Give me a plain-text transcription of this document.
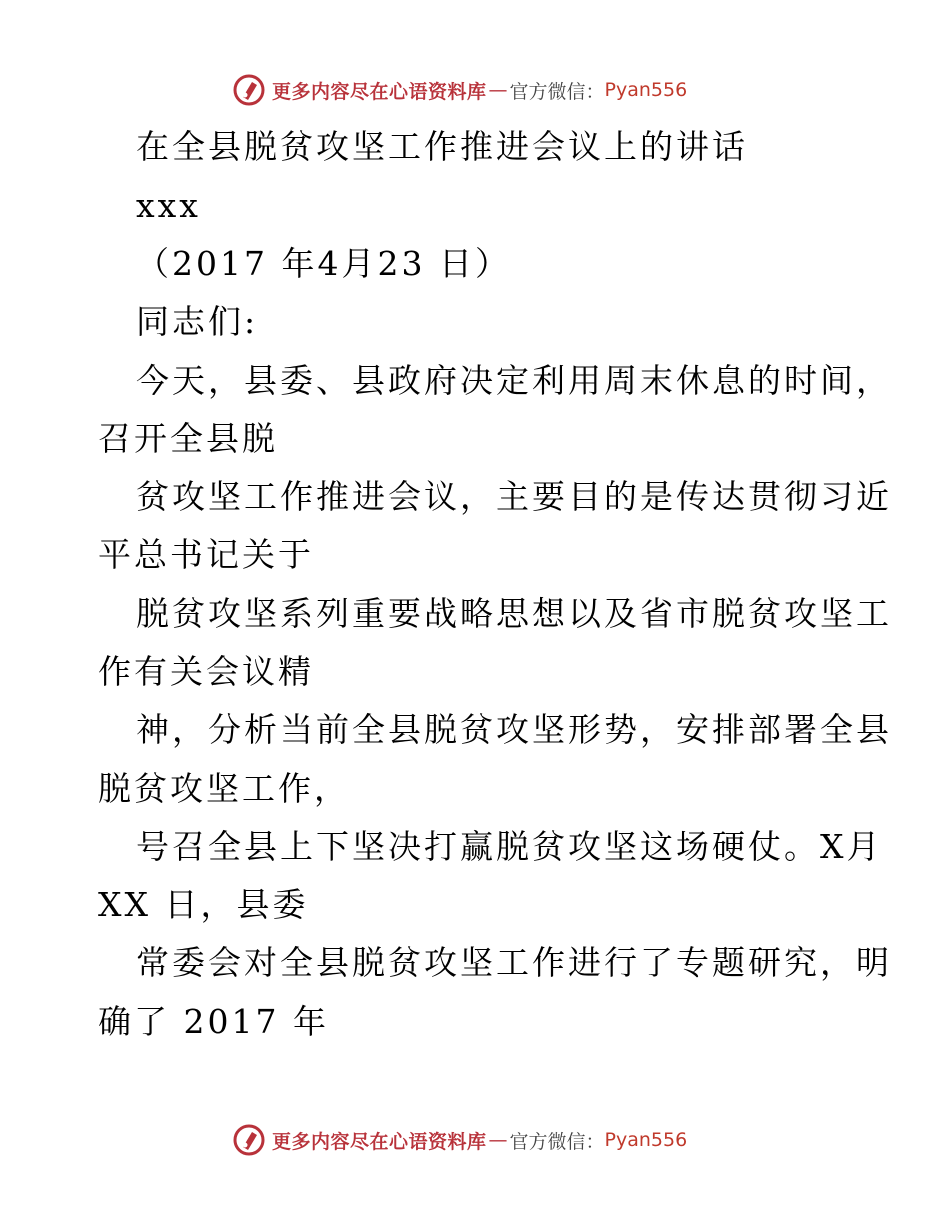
更多内容尽在心语资料库 — 官方微信： Pyan556
在全县脱贫攻坚工作推进会议上的讲话
xxx
（2017 年4月23 日）
同志们:
今天，县委、县政府决定利用周末休息的时间，
召开全县脱
贫攻坚工作推进会议，主要目的是传达贯彻习近
平总书记关于
脱贫攻坚系列重要战略思想以及省市脱贫攻坚工
作有关会议精
神，分析当前全县脱贫攻坚形势，安排部署全县
脱贫攻坚工作，
号召全县上下坚决打赢脱贫攻坚这场硬仗。X月
XX 日，县委
常委会对全县脱贫攻坚工作进行了专题研究，明
确了 2017 年
更多内容尽在心语资料库 — 官方微信： Pyan556
